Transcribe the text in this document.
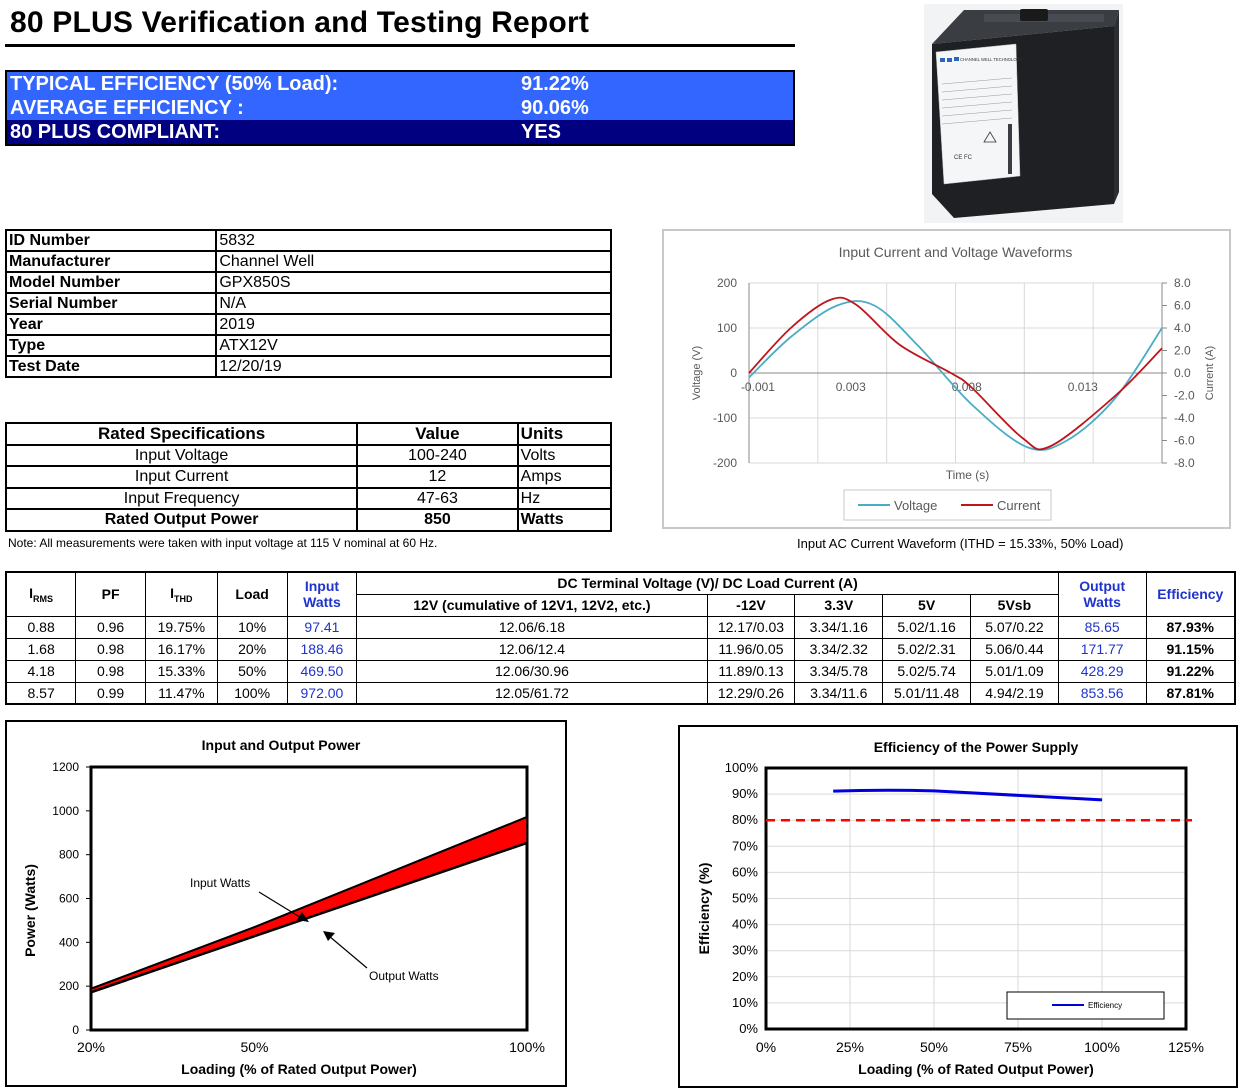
80 PLUS Verification and Testing Report
TYPICAL EFFICIENCY (50% Load):	91.22%
AVERAGE EFFICIENCY :	90.06%
80 PLUS COMPLIANT:	YES
CHANNEL WELL TECHNOLOGY
CE FC
ID Number	5832
Manufacturer	Channel Well
Model Number	GPX850S
Serial Number	N/A
Year	2019
Type	ATX12V
Test Date	12/20/19
Rated Specifications	Value	Units
Input Voltage	100-240	Volts
Input Current	12	Amps
Input Frequency	47-63	Hz
Rated Output Power	850	Watts
Note: All measurements were taken with input voltage at 115 V nominal at 60 Hz.
Input Current and Voltage Waveforms
-200
-100
0
100
200	8.0
6.0
4.0
2.0
0.0
-2.0
-4.0
-6.0
-8.0
-0.001	0.003	0.008	0.013
Time (s)
Voltage (V)	Current (A)
Voltage	Current
Input AC Current Waveform (ITHD = 15.33%, 50% Load)
$I_{RMS}$	PF	$I_{THD}$	Load	Input Watts	DC Terminal Voltage (V)/ DC Load Current (A)					Output Watts	Efficiency
					12V (cumulative of 12V1, 12V2, etc.)	-12V	3.3V	5V	5Vsb		
0.88	0.96	19.75%	10%	97.41	12.06/6.18	12.17/0.03	3.34/1.16	5.02/1.16	5.07/0.22	85.65	87.93%
1.68	0.98	16.17%	20%	188.46	12.06/12.4	11.96/0.05	3.34/2.32	5.02/2.31	5.06/0.44	171.77	91.15%
4.18	0.98	15.33%	50%	469.50	12.06/30.96	11.89/0.13	3.34/5.78	5.02/5.74	5.01/1.09	428.29	91.22%
8.57	0.99	11.47%	100%	972.00	12.05/61.72	12.29/0.26	3.34/11.6	5.01/11.48	4.94/2.19	853.56	87.81%
Input and Output Power
0
200
400
600
800
1000
1200
20%	50%	100%
Loading (% of Rated Output Power)
Power (Watts)	Input Watts
Output Watts
Efficiency of the Power Supply
0%	25%	50%	75%	100%	125%
0%
10%
20%
30%
40%
50%
60%
70%
80%
90%
100%
Loading (% of Rated Output Power)
Efficiency (%)
Efficiency
